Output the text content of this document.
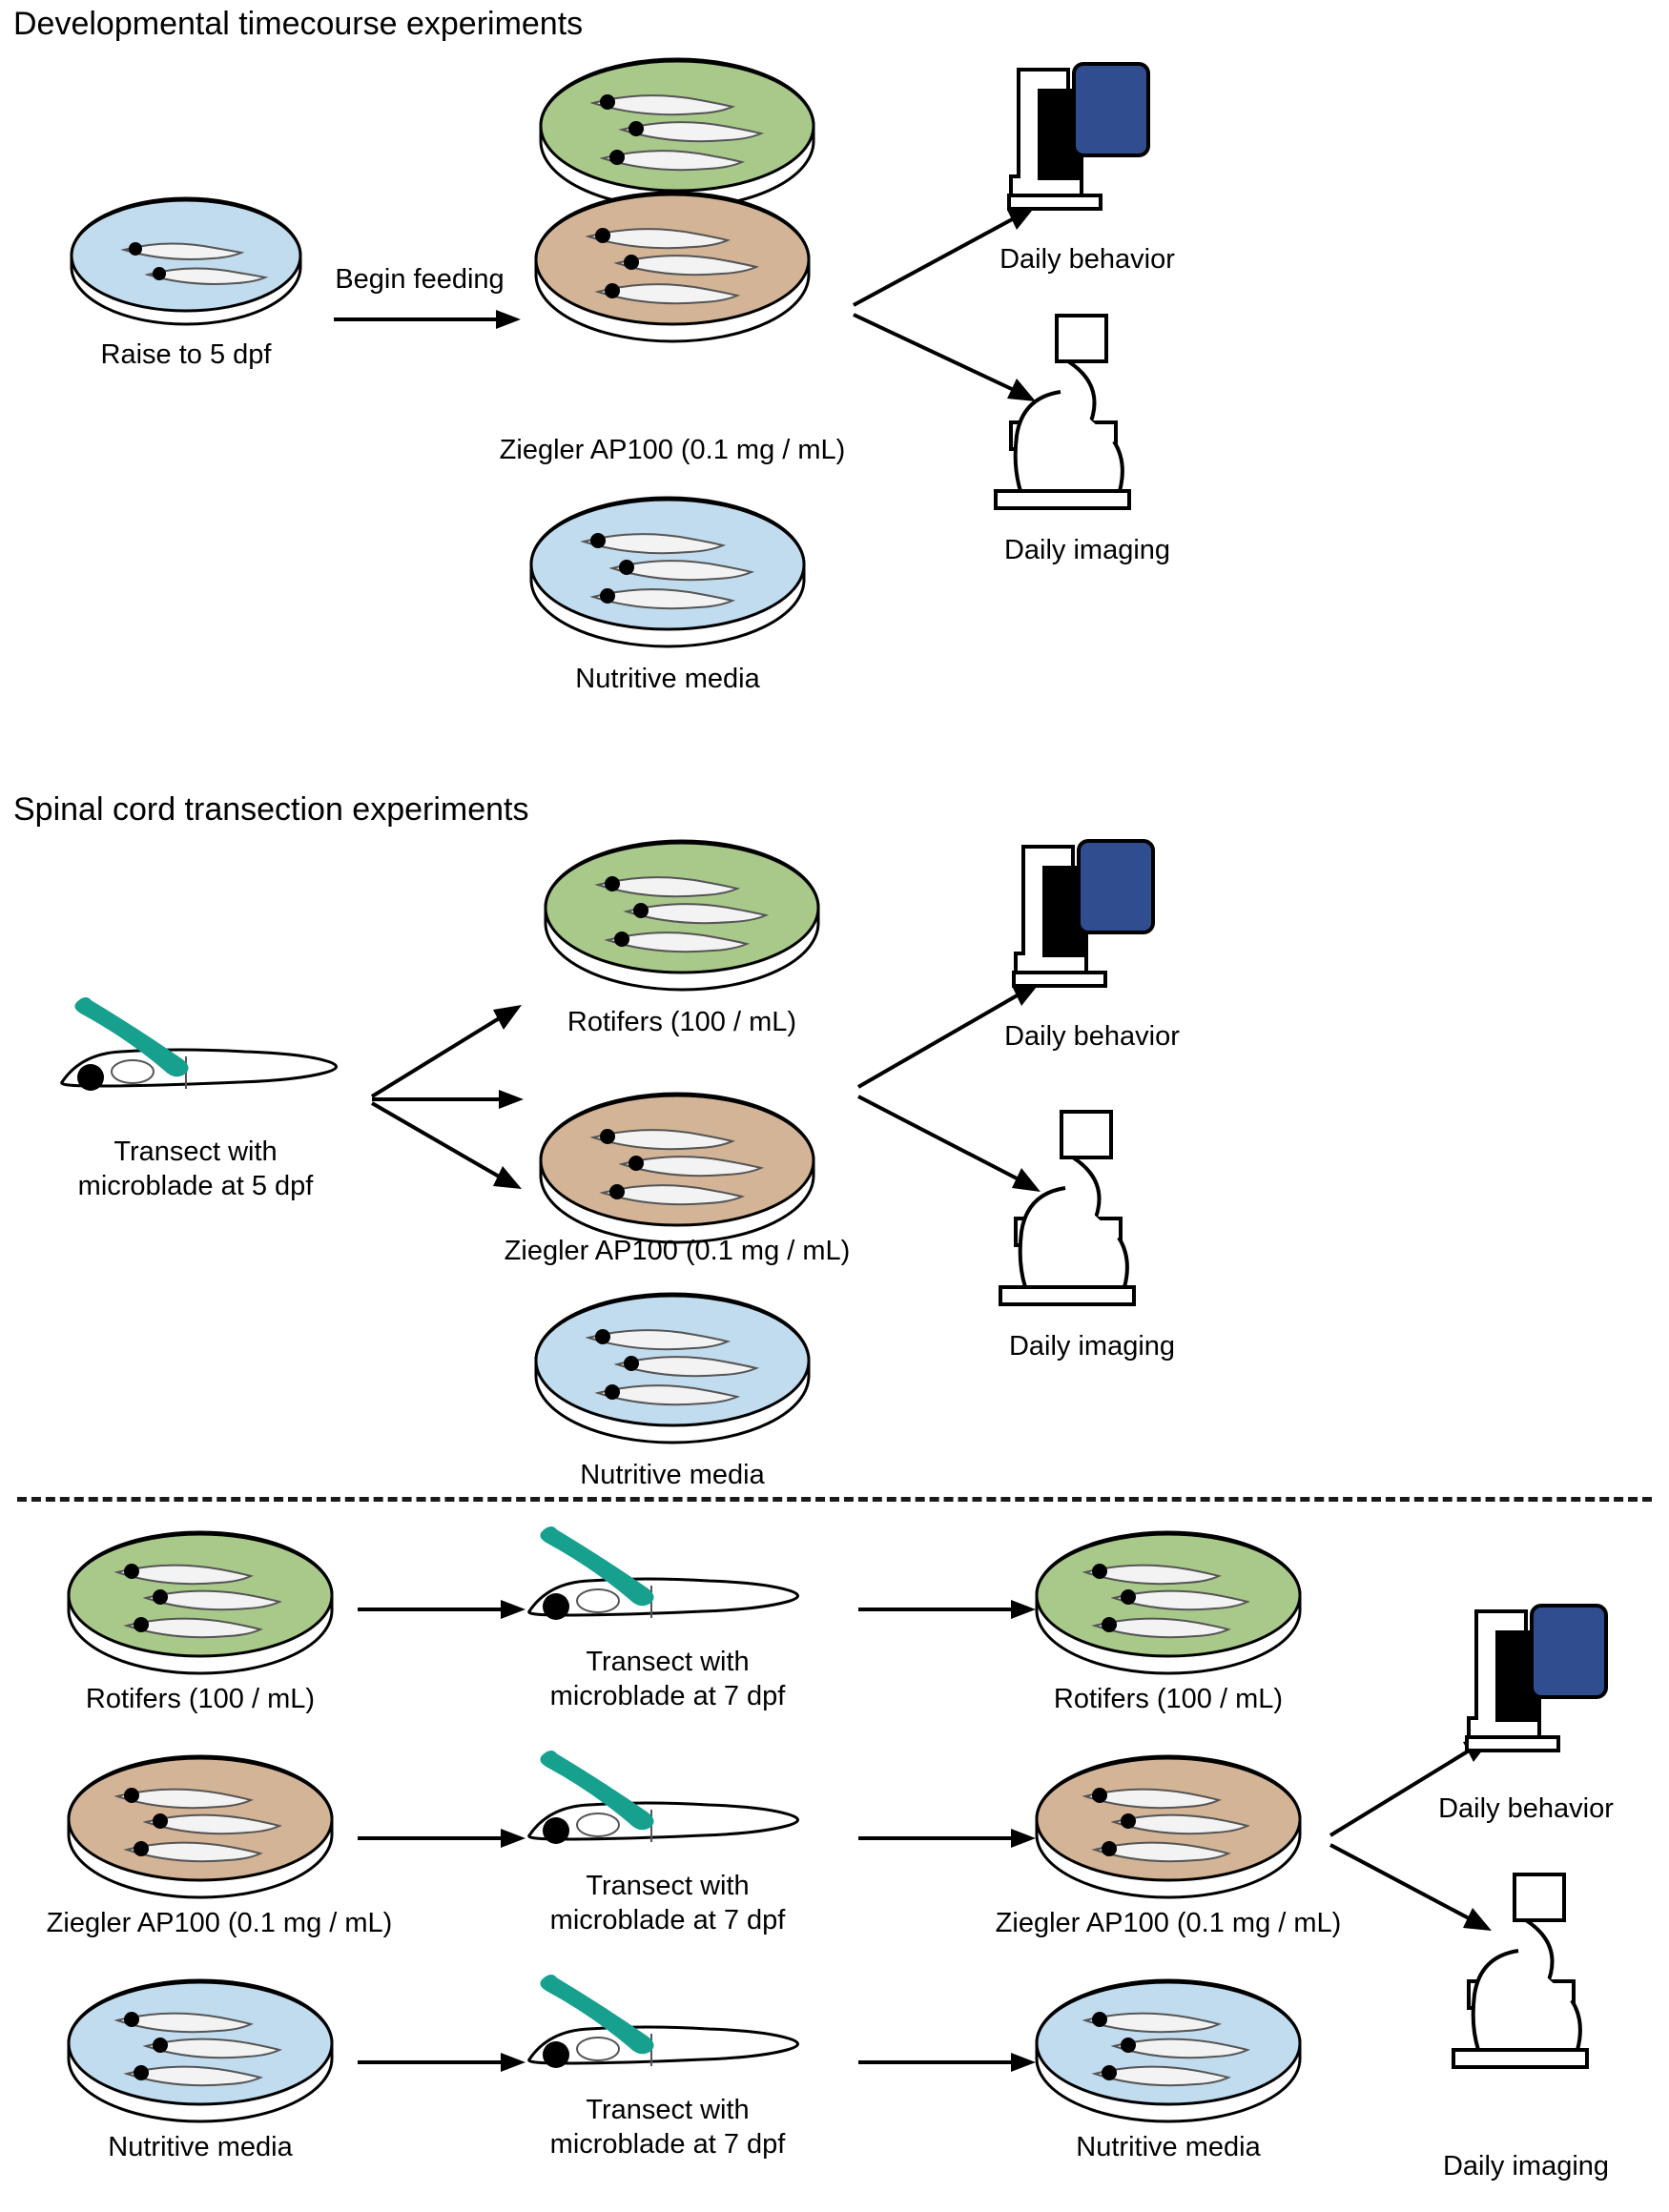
Developmental timecourse experiments
Spinal cord transection experiments
Raise to 5 dpf
Begin feeding
Ziegler AP100 (0.1 mg / mL)
Nutritive media
Daily behavior
Daily imaging
Transect with
microblade at 5 dpf
Rotifers (100 / mL)
Ziegler AP100 (0.1 mg / mL)
Nutritive media
Daily behavior
Daily imaging
Rotifers (100 / mL)
Transect with
microblade at 7 dpf	Rotifers (100 / mL)
Ziegler AP100 (0.1 mg / mL)
Transect with
microblade at 7 dpf	Ziegler AP100 (0.1 mg / mL)
Nutritive media
Transect with
microblade at 7 dpf	Nutritive media
Daily behavior
Daily imaging
